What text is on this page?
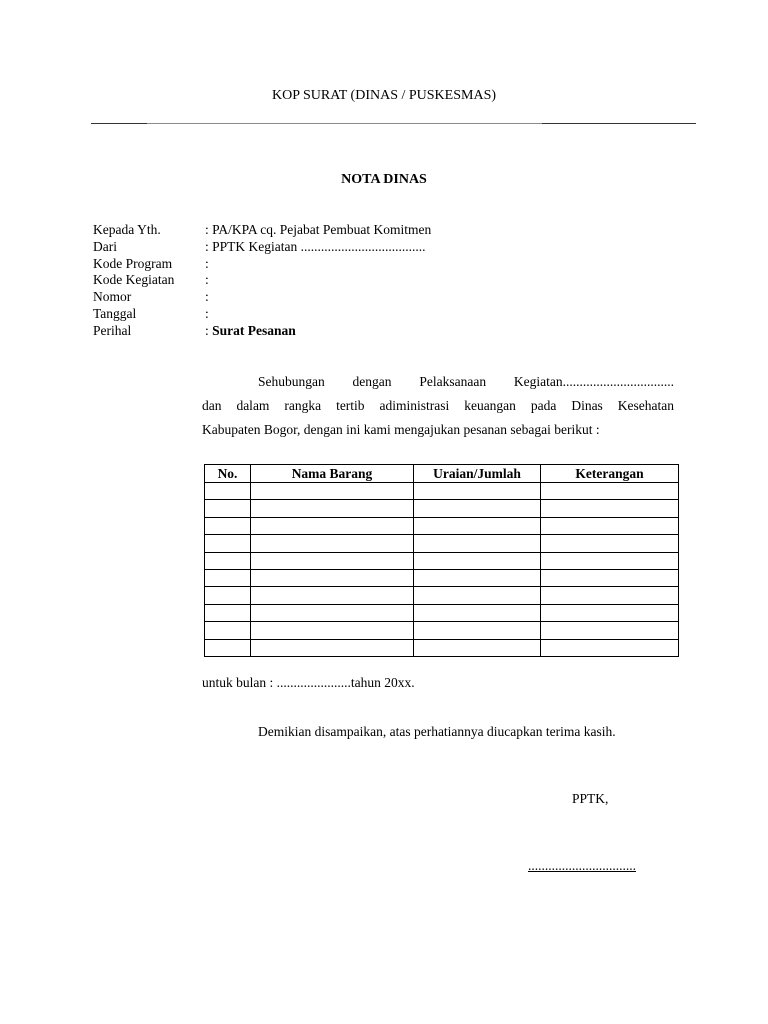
KOP SURAT (DINAS / PUSKESMAS)
NOTA DINAS
Kepada Yth.	: PA/KPA cq. Pejabat Pembuat Komitmen
Dari	: PPTK Kegiatan .....................................
Kode Program	:
Kode Kegiatan	:
Nomor	:
Tanggal	:
Perihal	: Surat Pesanan
Sehubungan dengan Pelaksanaan Kegiatan.................................
dan dalam rangka tertib adiministrasi keuangan pada Dinas Kesehatan
Kabupaten Bogor, dengan ini kami mengajukan pesanan sebagai berikut :
No.	Nama Barang	Uraian/Jumlah	Keterangan

untuk bulan : ......................tahun 20xx.
Demikian disampaikan, atas perhatiannya diucapkan terima kasih.
PPTK,
................................
